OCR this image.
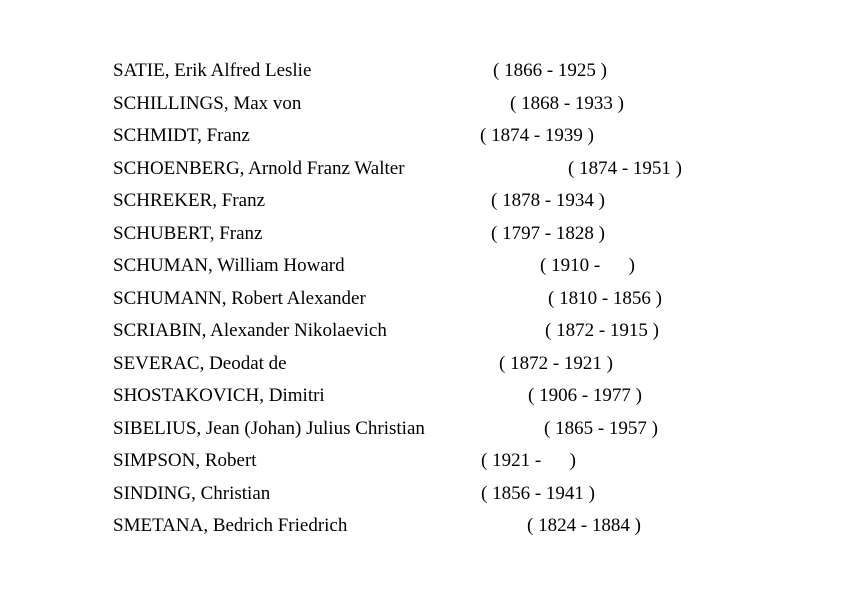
SATIE, Erik Alfred Leslie	( 1866 - 1925 )
SCHILLINGS, Max von	( 1868 - 1933 )
SCHMIDT, Franz	( 1874 - 1939 )
SCHOENBERG, Arnold Franz Walter	( 1874 - 1951 )
SCHREKER, Franz	( 1878 - 1934 )
SCHUBERT, Franz	( 1797 - 1828 )
SCHUMAN, William Howard	( 1910 -      )
SCHUMANN, Robert Alexander	( 1810 - 1856 )
SCRIABIN, Alexander Nikolaevich	( 1872 - 1915 )
SEVERAC, Deodat de	( 1872 - 1921 )
SHOSTAKOVICH, Dimitri	( 1906 - 1977 )
SIBELIUS, Jean (Johan) Julius Christian	( 1865 - 1957 )
SIMPSON, Robert	( 1921 -      )
SINDING, Christian	( 1856 - 1941 )
SMETANA, Bedrich Friedrich	( 1824 - 1884 )
